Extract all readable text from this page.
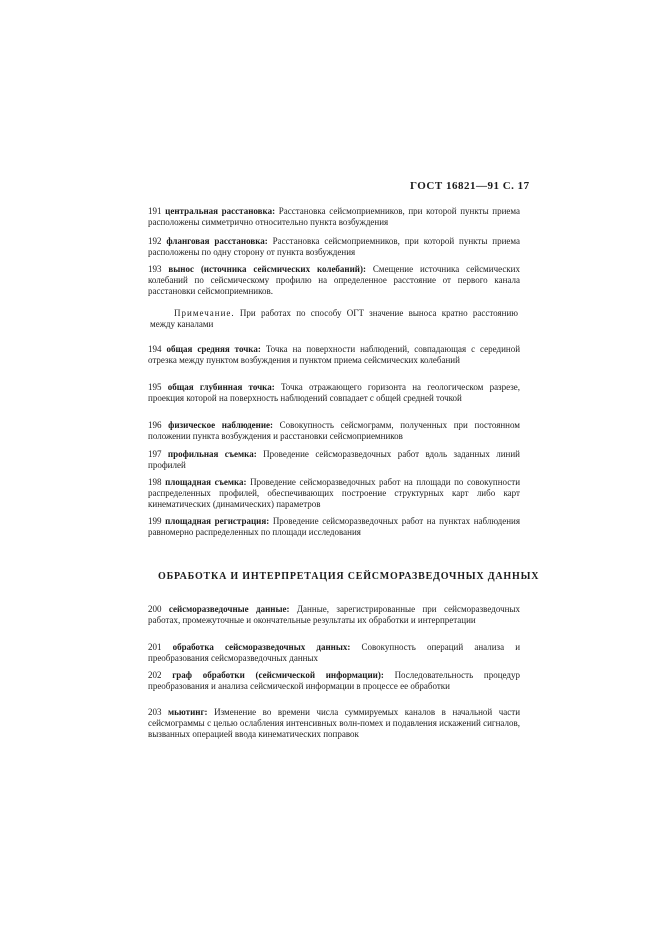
ГОСТ 16821—91 С. 17

191 центральная расстановка: Расстановка сейсмоприемников, при которой пункты приема расположены симметрично относительно пункта возбуждения

192 фланговая расстановка: Расстановка сейсмоприемников, при которой пункты приема расположены по одну сторону от пункта возбуждения

193 вынос (источника сейсмических колебаний): Смещение источника сейсмических колебаний по сейсмическому профилю на определенное расстояние от первого канала расстановки сейсмоприемников.

Примечание. При работах по способу ОГТ значение выноса кратно расстоянию между каналами

194 общая средняя точка: Точка на поверхности наблюдений, совпадающая с серединой отрезка между пунктом возбуждения и пунктом приема сейсмических колебаний

195 общая глубинная точка: Точка отражающего горизонта на геологическом разрезе, проекция которой на поверхность наблюдений совпадает с общей средней точкой

196 физическое наблюдение: Совокупность сейсмограмм, полученных при постоянном положении пункта возбуждения и расстановки сейсмоприемников

197 профильная съемка: Проведение сейсморазведочных работ вдоль заданных линий профилей

198 площадная съемка: Проведение сейсморазведочных работ на площади по совокупности распределенных профилей, обеспечивающих построение структурных карт либо карт кинематических (динамических) параметров

199 площадная регистрация: Проведение сейсморазведочных работ на пунктах наблюдения равномерно распределенных по площади исследования

ОБРАБОТКА И ИНТЕРПРЕТАЦИЯ СЕЙСМОРАЗВЕДОЧНЫХ ДАННЫХ

200 сейсморазведочные данные: Данные, зарегистрированные при сейсморазведочных работах, промежуточные и окончательные результаты их обработки и интерпретации

201 обработка сейсморазведочных данных: Совокупность операций анализа и преобразования сейсморазведочных данных

202 граф обработки (сейсмической информации): Последовательность процедур преобразования и анализа сейсмической информации в процессе ее обработки

203 мьютинг: Изменение во времени числа суммируемых каналов в начальной части сейсмограммы с целью ослабления интенсивных волн-помех и подавления искажений сигналов, вызванных операцией ввода кинематических поправок
